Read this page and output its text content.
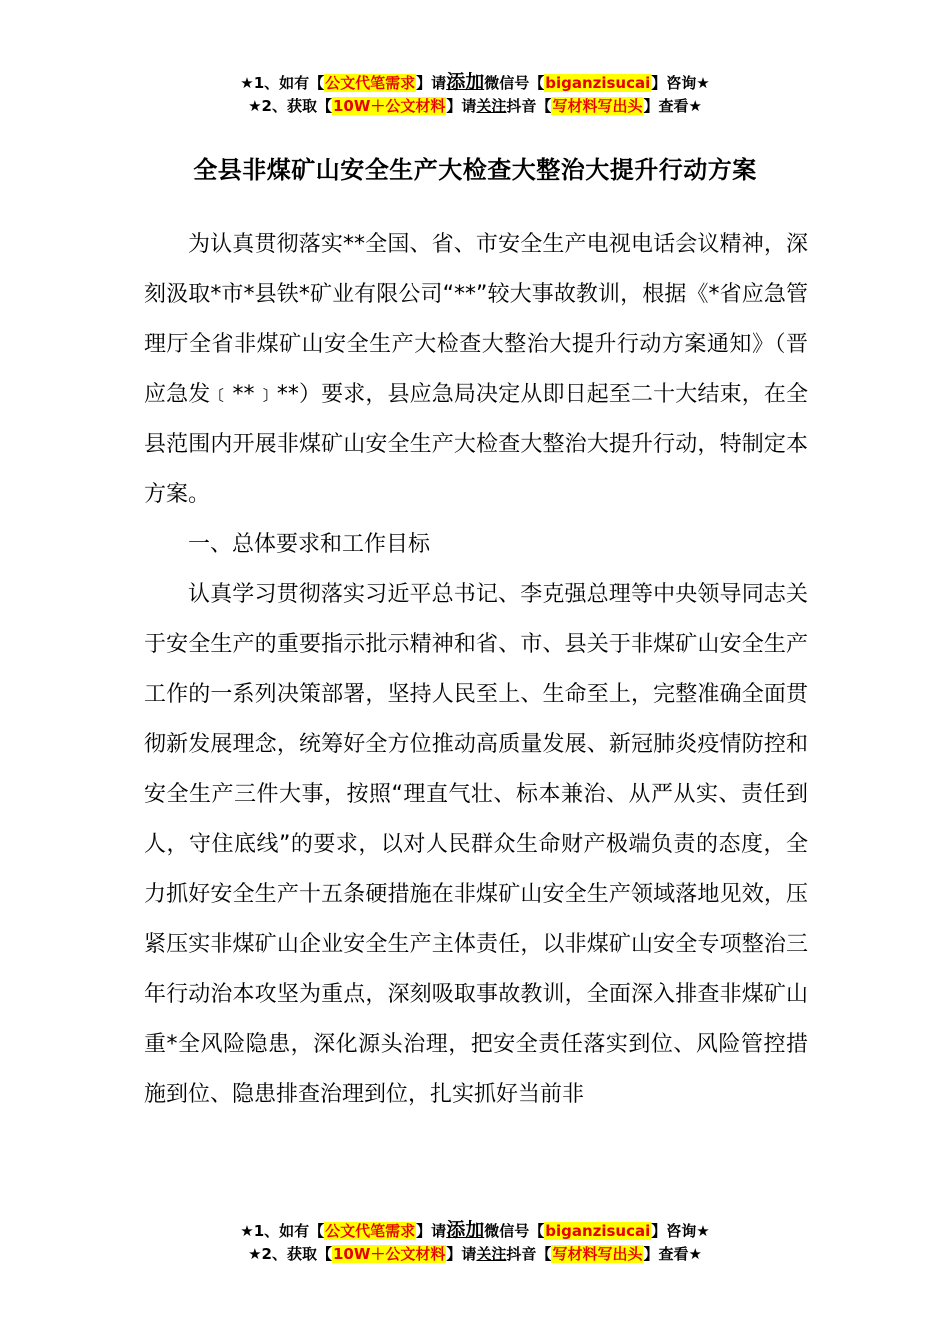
★1、如有【公文代笔需求】请添加微信号【biganzisucai】咨询★
★2、获取【10W＋公文材料】请关注抖音【写材料写出头】查看★
全县非煤矿山安全生产大检查大整治大提升行动方案

为认真贯彻落实**全国、省、市安全生产电视电话会议精神，深刻汲取*市*县铁*矿业有限公司“**”较大事故教训，根据《*省应急管理厅全省非煤矿山安全生产大检查大整治大提升行动方案通知》（晋应急发﹝**﹞**）要求，县应急局决定从即日起至二十大结束，在全县范围内开展非煤矿山安全生产大检查大整治大提升行动，特制定本方案。

一、总体要求和工作目标

认真学习贯彻落实习近平总书记、李克强总理等中央领导同志关于安全生产的重要指示批示精神和省、市、县关于非煤矿山安全生产工作的一系列决策部署，坚持人民至上、生命至上，完整准确全面贯彻新发展理念，统筹好全方位推动高质量发展、新冠肺炎疫情防控和安全生产三件大事，按照“理直气壮、标本兼治、从严从实、责任到人，守住底线”的要求，以对人民群众生命财产极端负责的态度，全力抓好安全生产十五条硬措施在非煤矿山安全生产领域落地见效，压紧压实非煤矿山企业安全生产主体责任，以非煤矿山安全专项整治三年行动治本攻坚为重点，深刻吸取事故教训，全面深入排查非煤矿山重*全风险隐患，深化源头治理，把安全责任落实到位、风险管控措施到位、隐患排查治理到位，扎实抓好当前非

★1、如有【公文代笔需求】请添加微信号【biganzisucai】咨询★
★2、获取【10W＋公文材料】请关注抖音【写材料写出头】查看★
